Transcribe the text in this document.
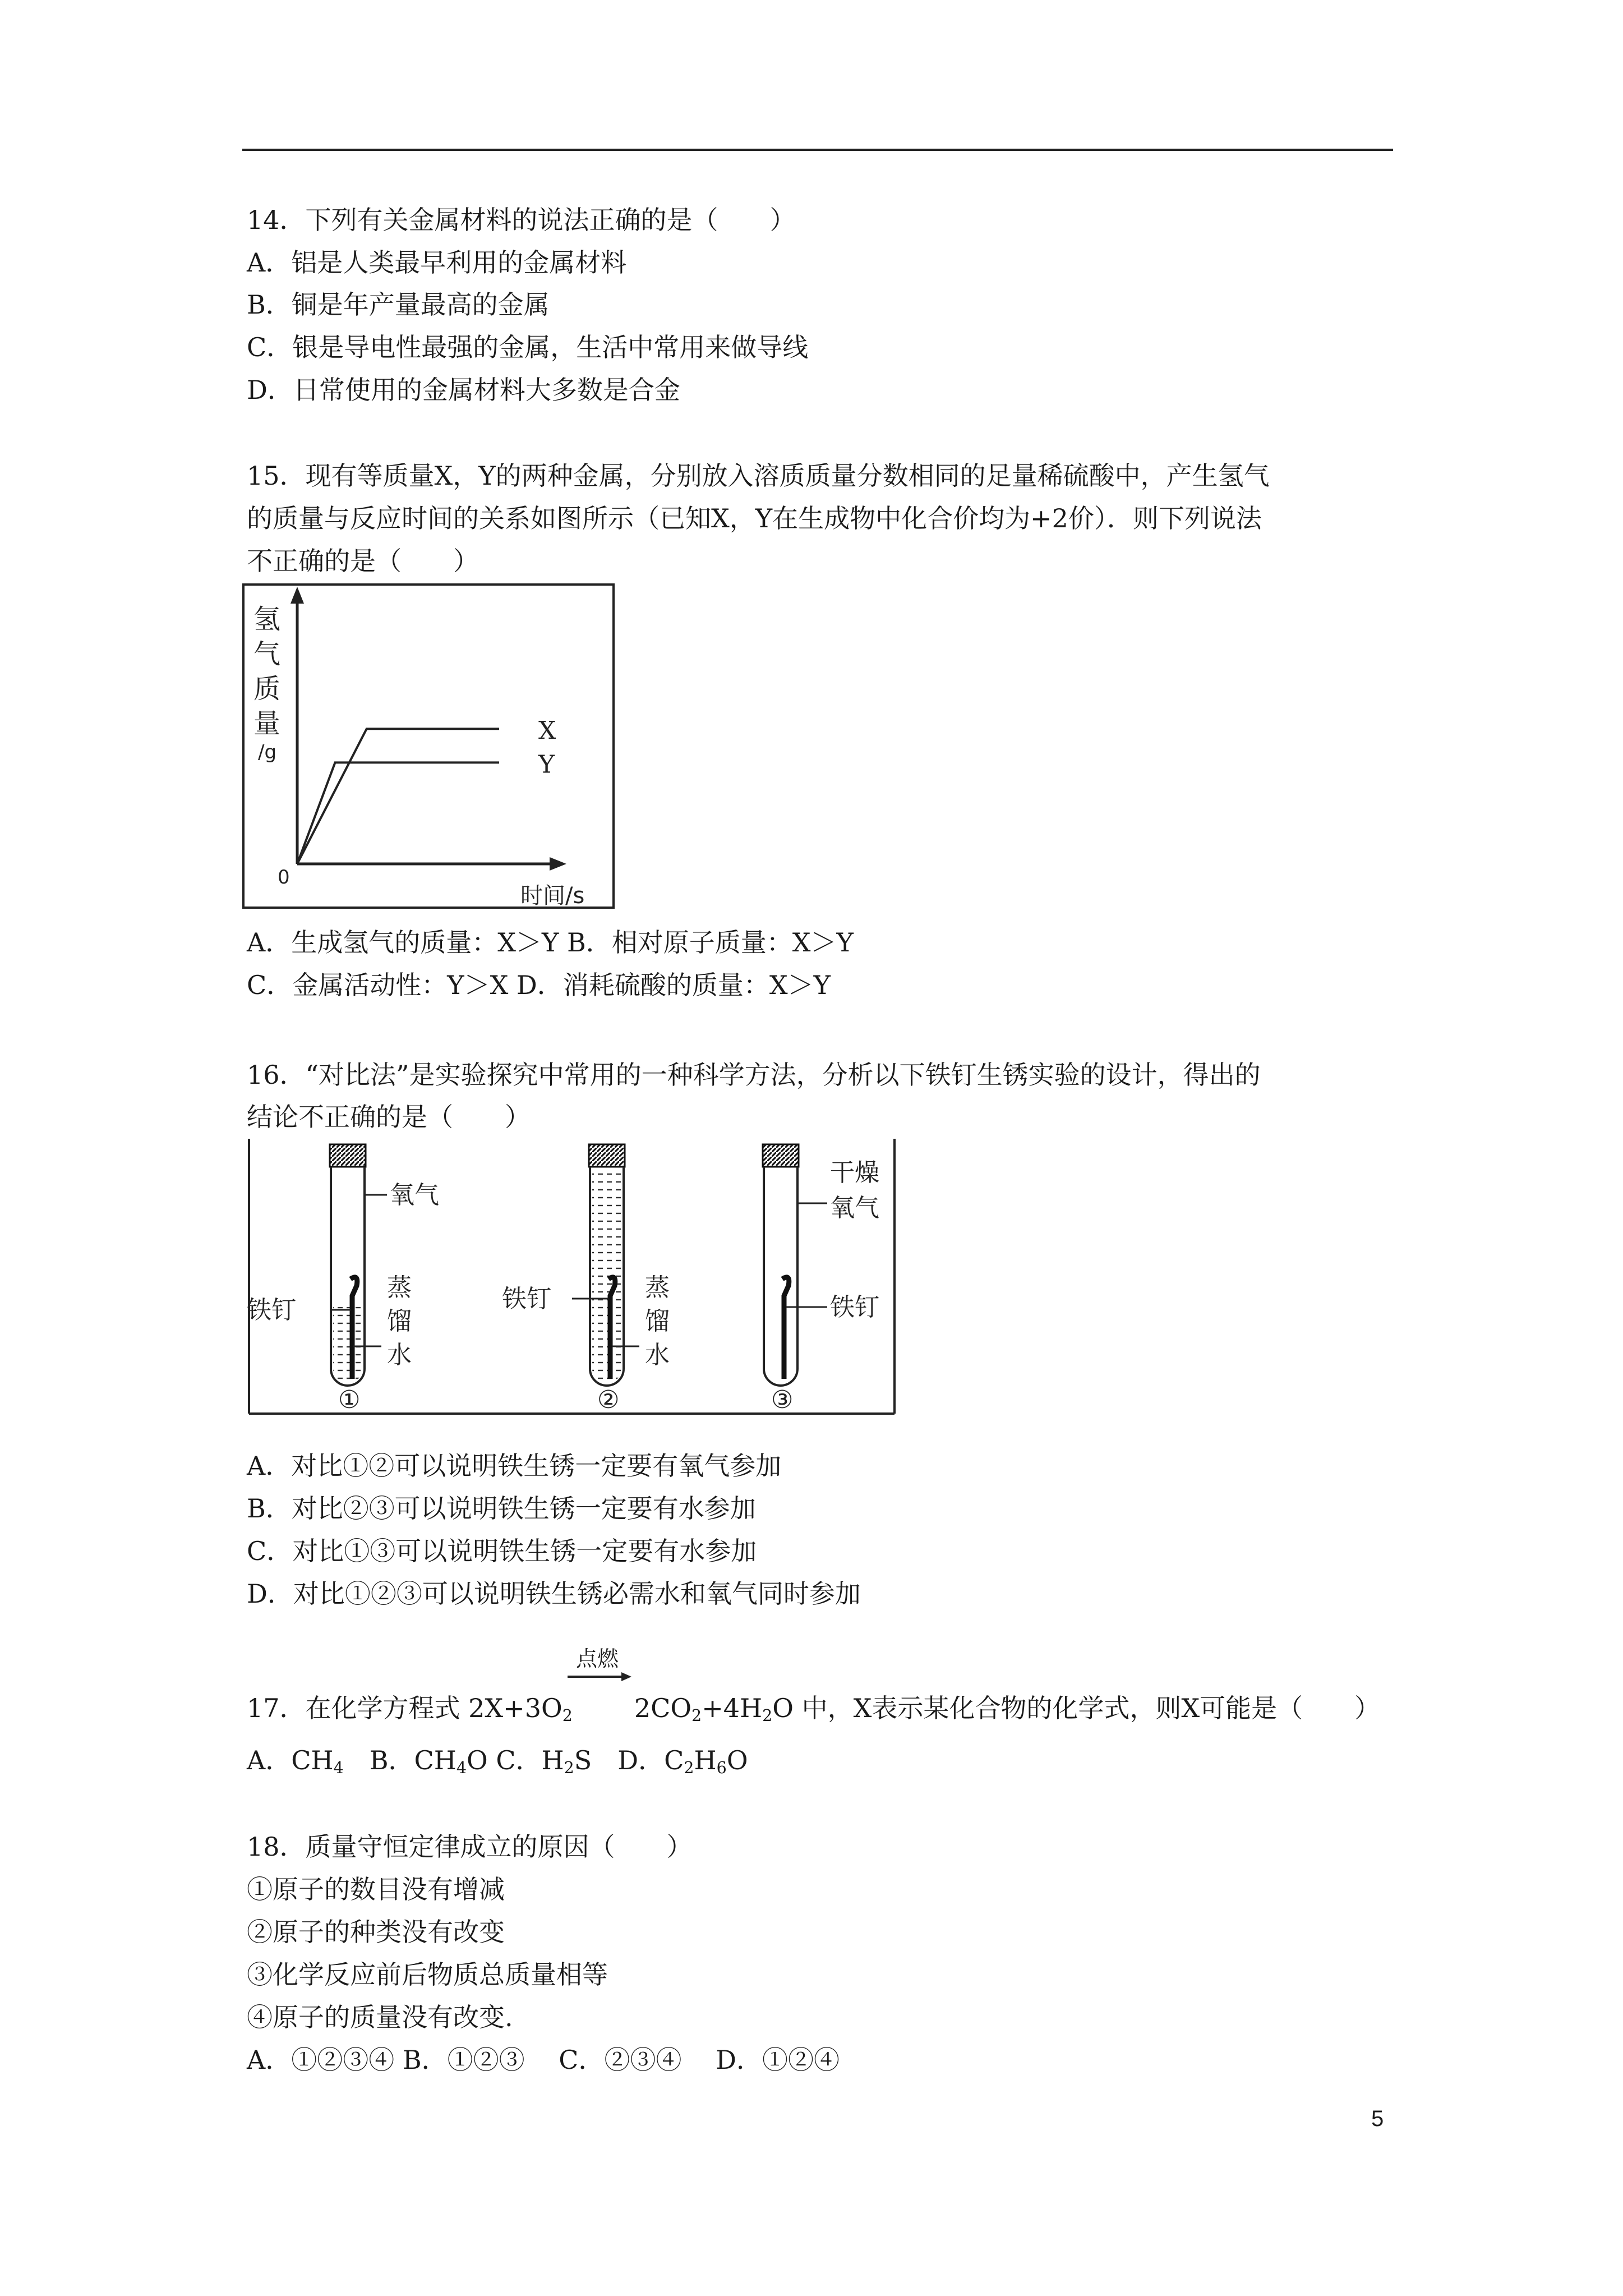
14．下列有关金属材料的说法正确的是（　　）
A．铝是人类最早利用的金属材料
B．铜是年产量最高的金属
C．银是导电性最强的金属，生活中常用来做导线
D．日常使用的金属材料大多数是合金
15．现有等质量X，Y的两种金属，分别放入溶质质量分数相同的足量稀硫酸中，产生氢气
的质量与反应时间的关系如图所示（已知X，Y在生成物中化合价均为+2价）．则下列说法
不正确的是（　　）
氢
气
质
量
/g
0
时间/s
X
Y
A．生成氢气的质量：X＞Y B．相对原子质量：X＞Y
C．金属活动性：Y＞X D．消耗硫酸的质量：X＞Y
16．“对比法”是实验探究中常用的一种科学方法，分析以下铁钉生锈实验的设计，得出的
结论不正确的是（　　）
氧气
铁钉
蒸
馏
水
①
铁钉	蒸
馏
水
②
干燥
氧气
铁钉
③
A．对比①②可以说明铁生锈一定要有氧气参加
B．对比②③可以说明铁生锈一定要有水参加
C．对比①③可以说明铁生锈一定要有水参加
D．对比①②③可以说明铁生锈必需水和氧气同时参加
点燃
17．在化学方程式 $2X+3O_2$ $2CO_2+4H_2O$ 中，X表示某化合物的化学式，则X可能是（　　）
A．$CH_4$　 B．$CH_4O$ C．$H_2S$　 D．$C_2H_6O$
18．质量守恒定律成立的原因（　　）
①原子的数目没有增减
②原子的种类没有改变
③化学反应前后物质总质量相等
④原子的质量没有改变.
A．①②③④ B．①②③　 C．②③④　 D．①②④
5
